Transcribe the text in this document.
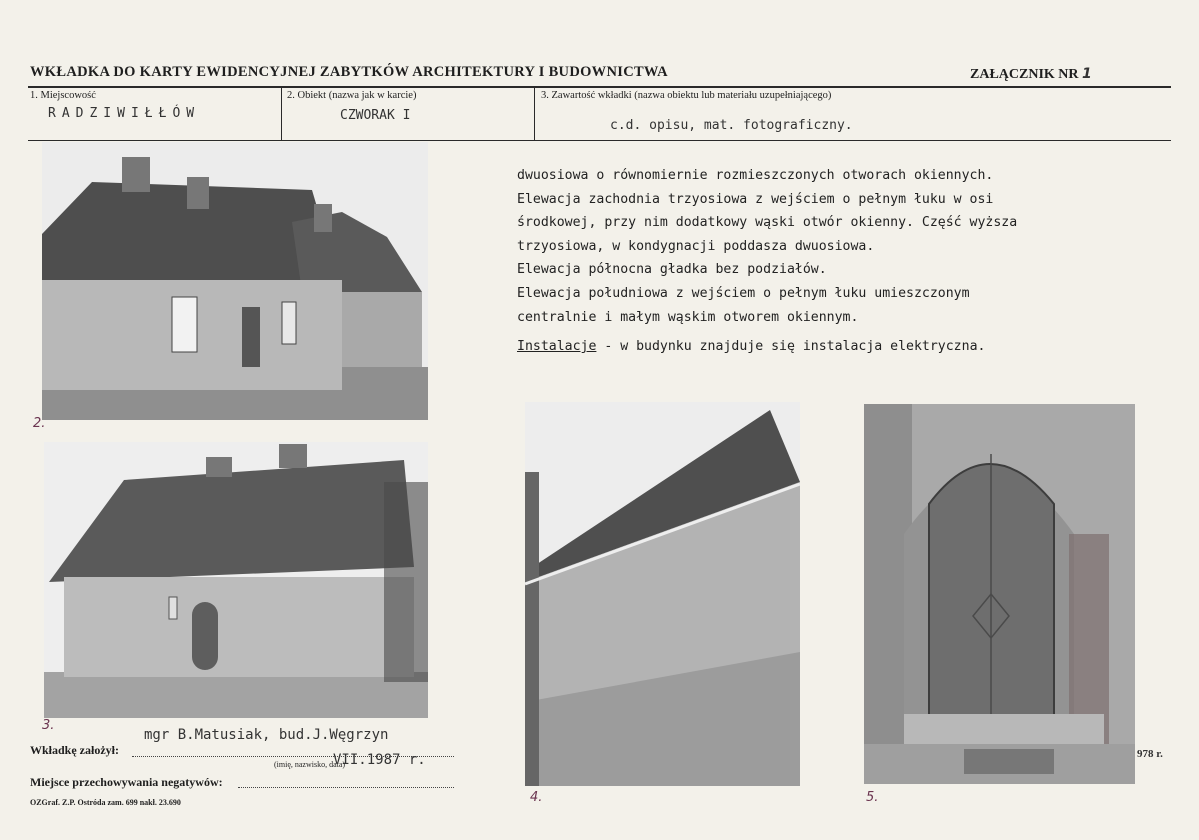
WKŁADKA DO KARTY EWIDENCYJNEJ ZABYTKÓW ARCHITEKTURY I BUDOWNICTWA	ZAŁĄCZNIK NR 1
1. Miejscowość
RADZIWIŁŁÓW
2. Obiekt (nazwa jak w karcie)
CZWORAK I
3. Zawartość wkładki (nazwa obiektu lub materiału uzupełniającego)
c.d. opisu, mat. fotograficzny.

dwuosiowa o równomiernie rozmieszczonych otworach okiennych.

Elewacja zachodnia trzyosiowa z wejściem o pełnym łuku w osi

środkowej, przy nim dodatkowy wąski otwór okienny. Część wyższa

trzyosiowa, w kondygnacji poddasza dwuosiowa.

Elewacja północna gładka bez podziałów.

Elewacja południowa z wejściem o pełnym łuku umieszczonym

centralnie i małym wąskim otworem okiennym.

Instalacje - w budynku znajduje się instalacja elektryczna.

2.
3.
4.
978 r.
5.
mgr B.Matusiak, bud.J.Węgrzyn
Wkładkę założył:
(imię, nazwisko, data)
VII.1987 r.
Miejsce przechowywania negatywów:
OZGraf. Z.P. Ostróda zam. 699 nakł. 23.690
